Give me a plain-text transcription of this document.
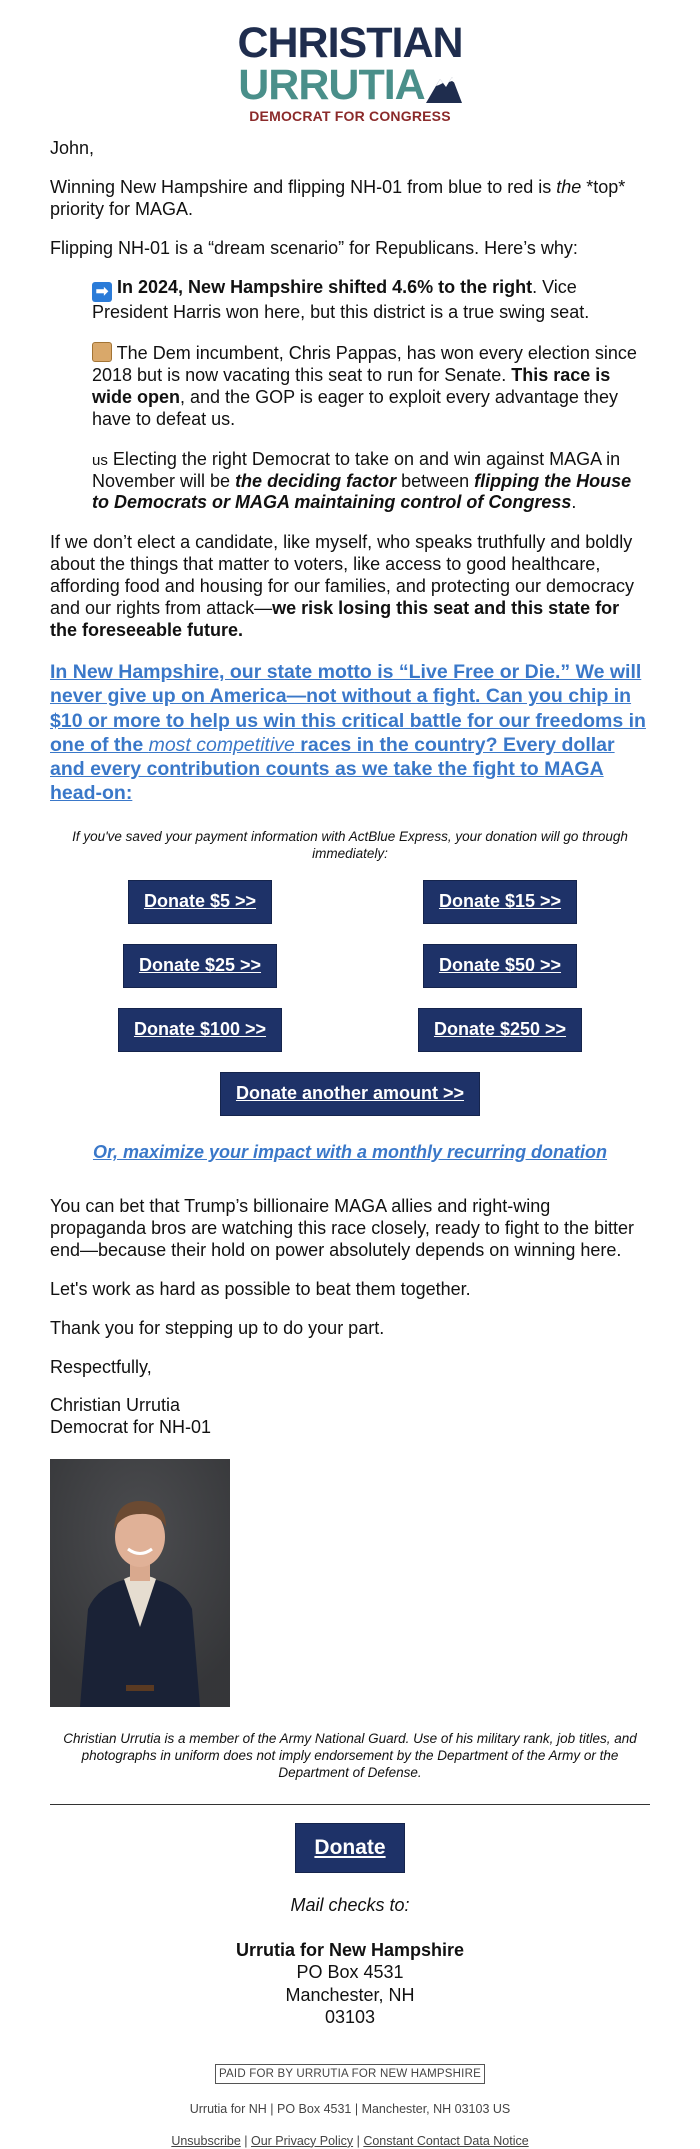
CHRISTIAN
URRUTIA
DEMOCRAT FOR CONGRESS
John,
Winning New Hampshire and flipping NH-01 from blue to red is the *top* priority for MAGA.
Flipping NH-01 is a “dream scenario” for Republicans. Here’s why:
➡ In 2024, New Hampshire shifted 4.6% to the right. Vice President Harris won here, but this district is a true swing seat.
The Dem incumbent, Chris Pappas, has won every election since 2018 but is now vacating this seat to run for Senate. This race is wide open, and the GOP is eager to exploit every advantage they have to defeat us.
us Electing the right Democrat to take on and win against MAGA in November will be the deciding factor between flipping the House to Democrats or MAGA maintaining control of Congress.
If we don’t elect a candidate, like myself, who speaks truthfully and boldly about the things that matter to voters, like access to good healthcare, affording food and housing for our families, and protecting our democracy and our rights from attack—we risk losing this seat and this state for the foreseeable future.
In New Hampshire, our state motto is “Live Free or Die.” We will never give up on America—not without a fight. Can you chip in $10 or more to help us win this critical battle for our freedoms in one of the most competitive races in the country? Every dollar and every contribution counts as we take the fight to MAGA head-on:
If you've saved your payment information with ActBlue Express, your donation will go through immediately:
Donate $5 >>	Donate $15 >>
Donate $25 >>	Donate $50 >>
Donate $100 >>	Donate $250 >>
Donate another amount >>
Or, maximize your impact with a monthly recurring donation
You can bet that Trump’s billionaire MAGA allies and right-wing propaganda bros are watching this race closely, ready to fight to the bitter end—because their hold on power absolutely depends on winning here.
Let's work as hard as possible to beat them together.
Thank you for stepping up to do your part.
Respectfully,
Christian Urrutia
Democrat for NH-01
Christian Urrutia is a member of the Army National Guard. Use of his military rank, job titles, and photographs in uniform does not imply endorsement by the Department of the Army or the Department of Defense.
Donate
Mail checks to:
Urrutia for New Hampshire
PO Box 4531
Manchester, NH
03103
PAID FOR BY URRUTIA FOR NEW HAMPSHIRE
Urrutia for NH | PO Box 4531 | Manchester, NH 03103 US
Unsubscribe | Our Privacy Policy | Constant Contact Data Notice
